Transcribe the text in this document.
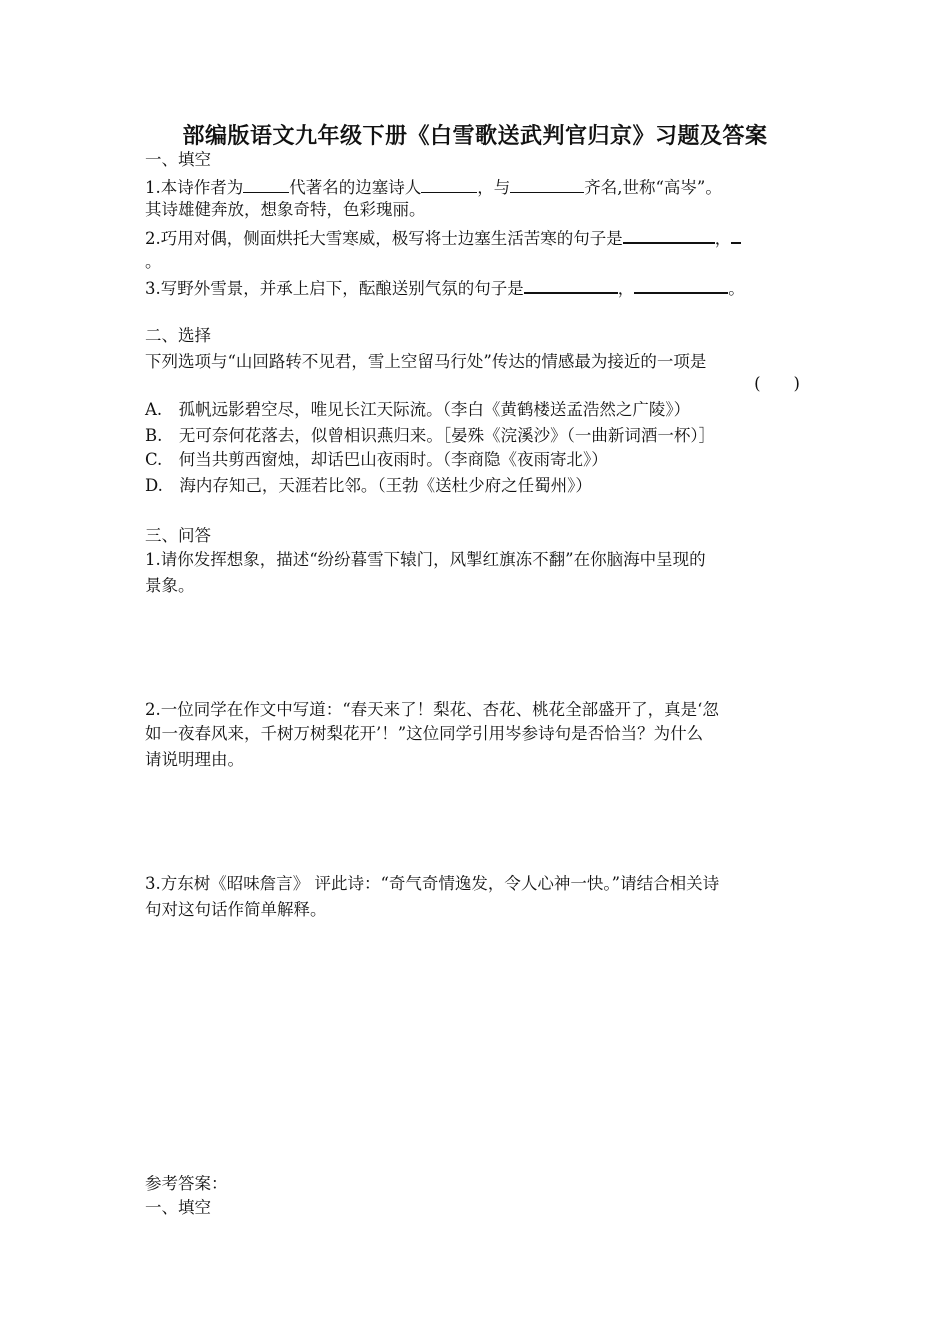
部编版语文九年级下册《白雪歌送武判官归京》习题及答案
一、填空
1.本诗作者为	代著名的边塞诗人	，与	齐名,世称“高岑”。
其诗雄健奔放，想象奇特，色彩瑰丽。
2.巧用对偶，侧面烘托大雪寒威，极写将士边塞生活苦寒的句子是	，
。
3.写野外雪景，并承上启下，酝酿送别气氛的句子是	，	。
二、选择
下列选项与“山回路转不见君，雪上空留马行处”传达的情感最为接近的一项是
(　　)
A.　孤帆远影碧空尽，唯见长江天际流。（李白《黄鹤楼送孟浩然之广陵》）
B.　无可奈何花落去，似曾相识燕归来。［晏殊《浣溪沙》（一曲新词酒一杯）］
C.　何当共剪西窗烛，却话巴山夜雨时。（李商隐《夜雨寄北》）
D.　海内存知己，天涯若比邻。（王勃《送杜少府之任蜀州》）
三、问答
1.请你发挥想象，描述“纷纷暮雪下辕门，风掣红旗冻不翻”在你脑海中呈现的
景象。
2.一位同学在作文中写道：“春天来了！梨花、杏花、桃花全部盛开了，真是‘忽
如一夜春风来，千树万树梨花开’！”这位同学引用岑参诗句是否恰当？为什么
请说明理由。
3.方东树《昭味詹言》 评此诗：“奇气奇情逸发，令人心神一快。”请结合相关诗
句对这句话作简单解释。
参考答案：
一、填空
